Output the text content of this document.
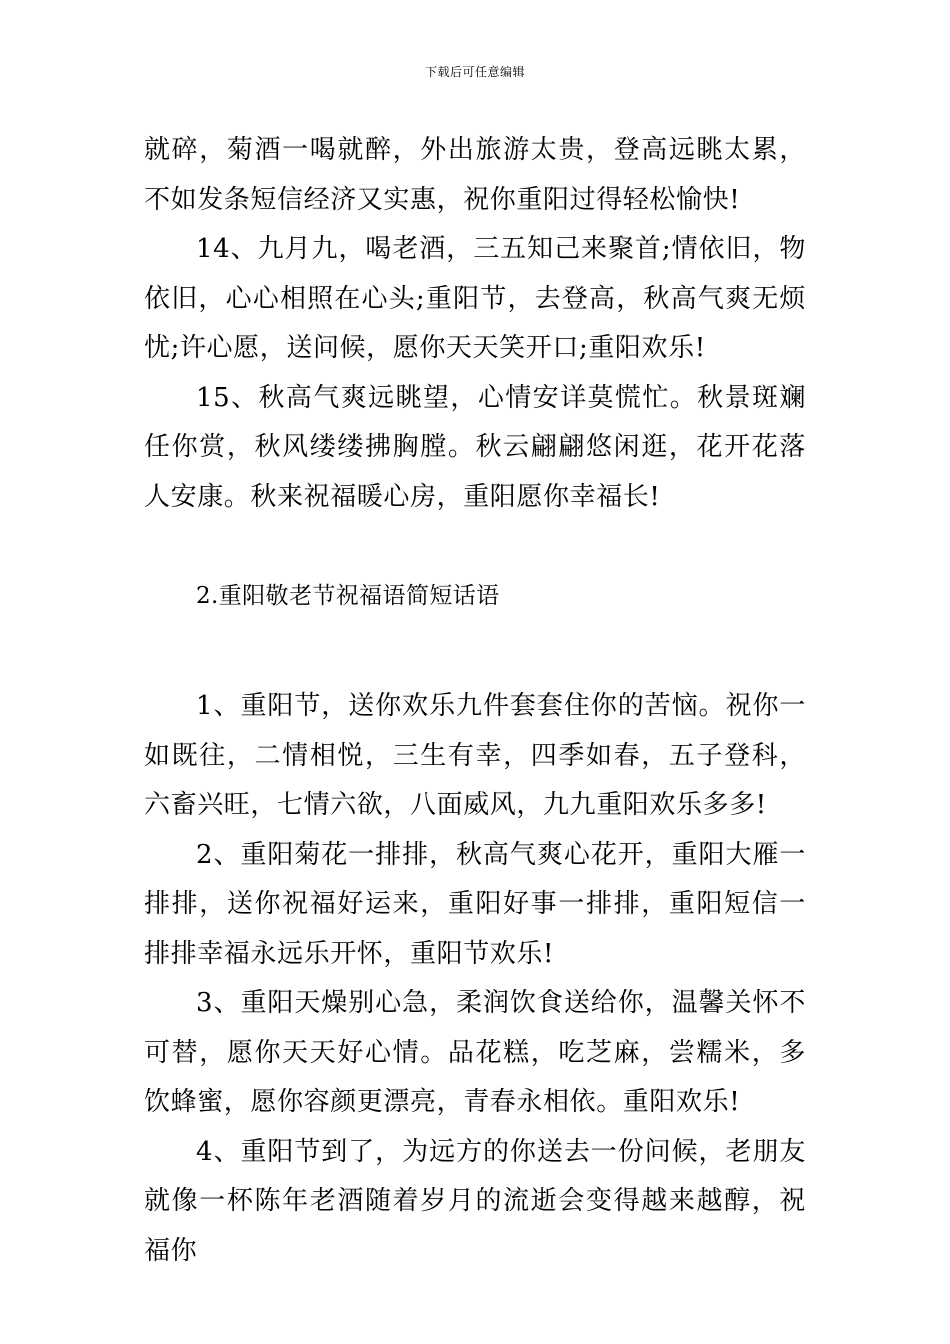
下载后可任意编辑

就碎，菊酒一喝就醉，外出旅游太贵，登高远眺太累，不如发条短信经济又实惠，祝你重阳过得轻松愉快!

14、九月九，喝老酒，三五知己来聚首;情依旧，物依旧，心心相照在心头;重阳节，去登高，秋高气爽无烦忧;许心愿，送问候，愿你天天笑开口;重阳欢乐!

15、秋高气爽远眺望，心情安详莫慌忙。秋景斑斓任你赏，秋风缕缕拂胸膛。秋云翩翩悠闲逛，花开花落人安康。秋来祝福暖心房，重阳愿你幸福长!

2.重阳敬老节祝福语简短话语

1、重阳节，送你欢乐九件套套住你的苦恼。祝你一如既往，二情相悦，三生有幸，四季如春，五子登科，六畜兴旺，七情六欲，八面威风，九九重阳欢乐多多!

2、重阳菊花一排排，秋高气爽心花开，重阳大雁一排排，送你祝福好运来，重阳好事一排排，重阳短信一排排幸福永远乐开怀，重阳节欢乐!

3、重阳天燥别心急，柔润饮食送给你，温馨关怀不可替，愿你天天好心情。品花糕，吃芝麻，尝糯米，多饮蜂蜜，愿你容颜更漂亮，青春永相依。重阳欢乐!

4、重阳节到了，为远方的你送去一份问候，老朋友就像一杯陈年老酒随着岁月的流逝会变得越来越醇，祝福你
